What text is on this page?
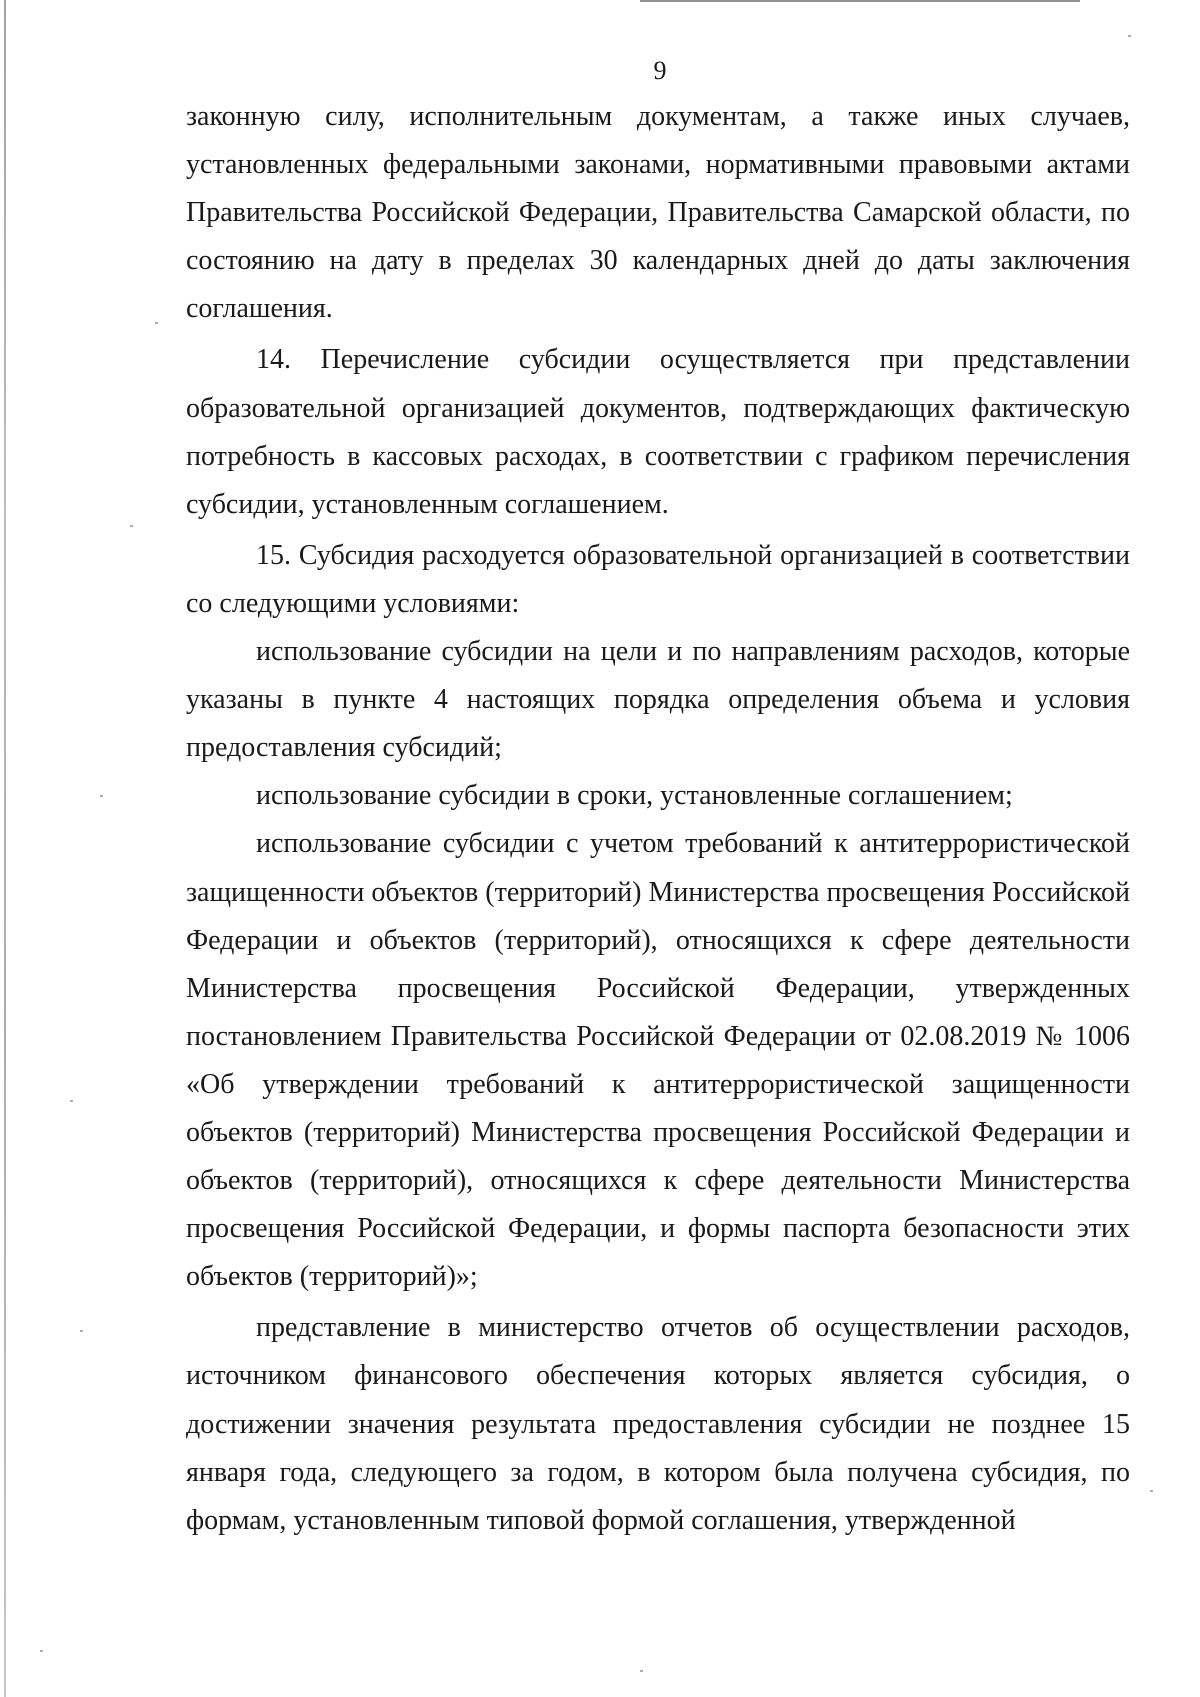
9

законную силу, исполнительным документам, а также иных случаев, установленных федеральными законами, нормативными правовыми актами Правительства Российской Федерации, Правительства Самарской области, по состоянию на дату в пределах 30 календарных дней до даты заключения соглашения.

14. Перечисление субсидии осуществляется при представлении образовательной организацией документов, подтверждающих фактическую потребность в кассовых расходах, в соответствии с графиком перечисления субсидии, установленным соглашением.

15. Субсидия расходуется образовательной организацией в соответствии со следующими условиями:

использование субсидии на цели и по направлениям расходов, которые указаны в пункте 4 настоящих порядка определения объема и условия предоставления субсидий;

использование субсидии в сроки, установленные соглашением;

использование субсидии с учетом требований к антитеррористической защищенности объектов (территорий) Министерства просвещения Российской Федерации и объектов (территорий), относящихся к сфере деятельности Министерства просвещения Российской Федерации, утвержденных постановлением Правительства Российской Федерации от 02.08.2019 № 1006 «Об утверждении требований к антитеррористической защищенности объектов (территорий) Министерства просвещения Российской Федерации и объектов (территорий), относящихся к сфере деятельности Министерства просвещения Российской Федерации, и формы паспорта безопасности этих объектов (территорий)»;

представление в министерство отчетов об осуществлении расходов, источником финансового обеспечения которых является субсидия, о достижении значения результата предоставления субсидии не позднее 15 января года, следующего за годом, в котором была получена субсидия, по формам, установленным типовой формой соглашения, утвержденной
